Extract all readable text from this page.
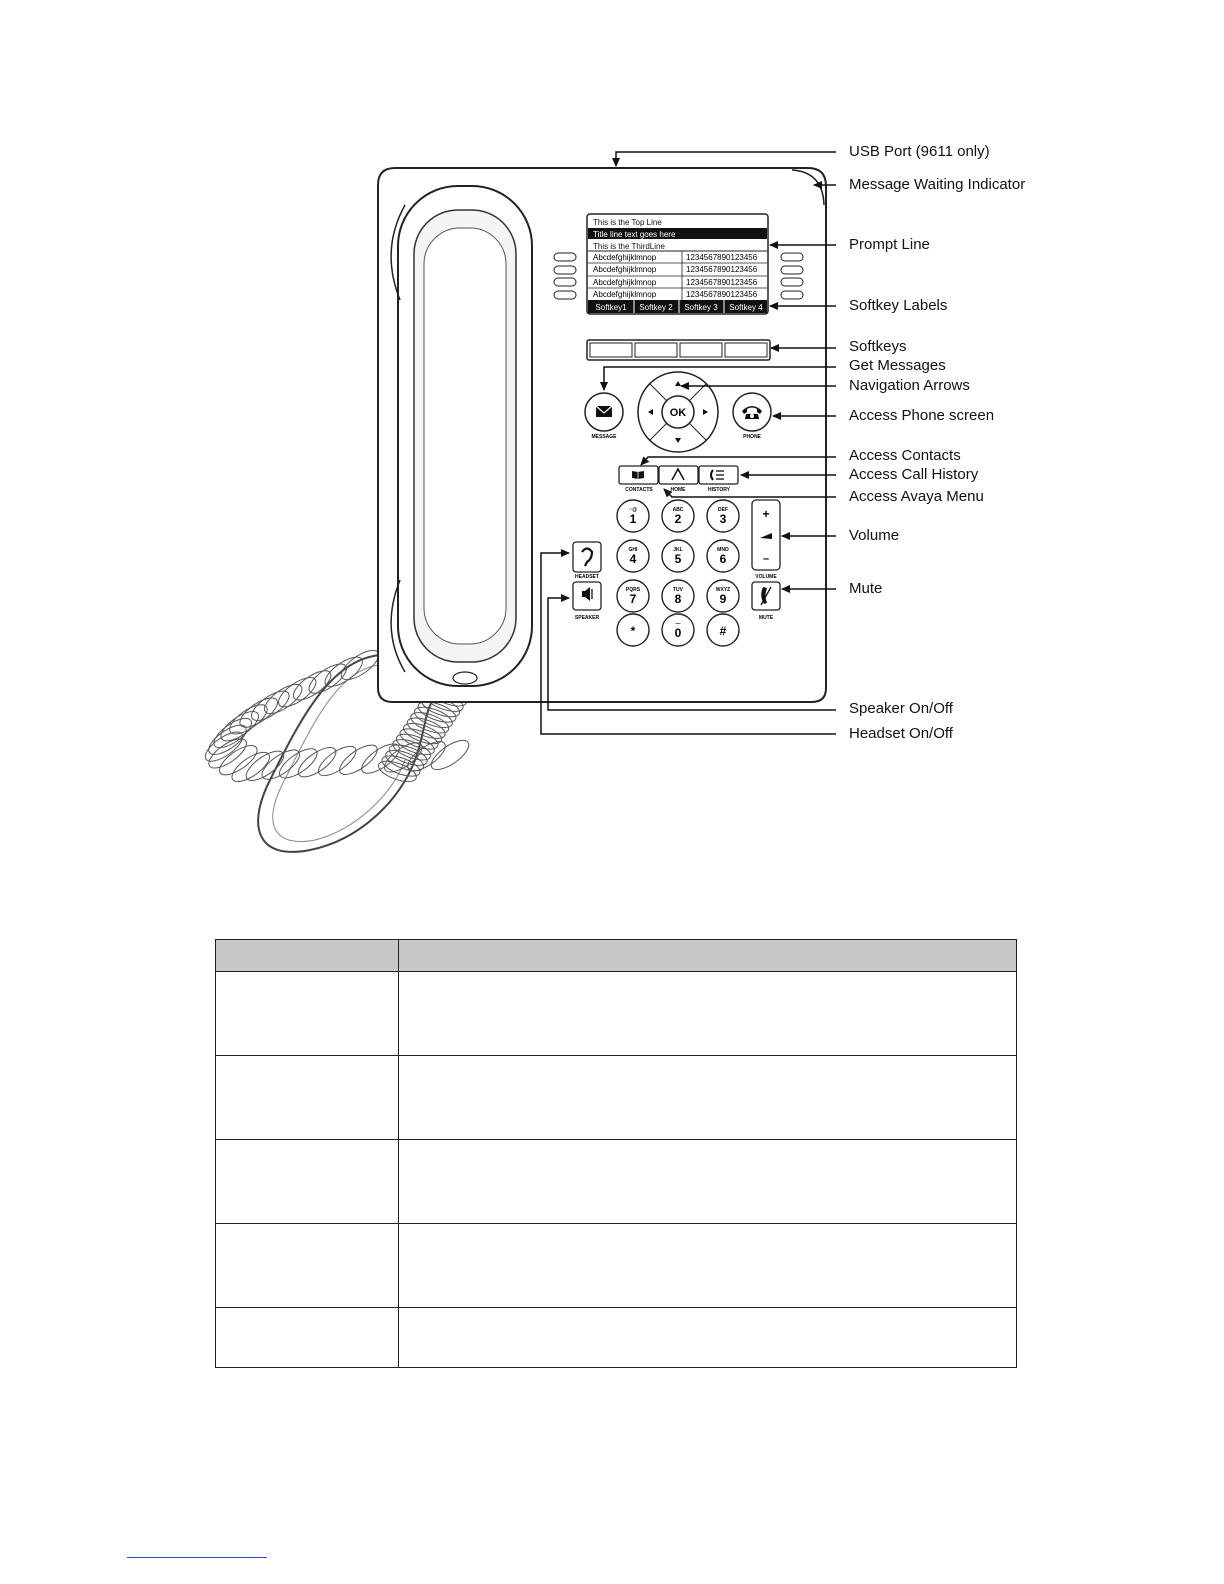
This is the Top Line
Title line text goes here
This is the ThirdLine
Abcdefghijklmnop	1234567890123456
Abcdefghijklmnop	1234567890123456
Abcdefghijklmnop	1234567890123456
Abcdefghijklmnop	1234567890123456
Softkey1 Softkey 2 Softkey 3 Softkey 4
MESSAGE
OK
PHONE
CONTACTS	HOME	HISTORY
··@
1
ABC
2
DEF
3
GHI
4
JKL
5
MNO
6
PQRS
7
TUV
8
WXYZ
9
*	—
0	#
HEADSET
SPEAKER
+
–
VOLUME
MUTE
USB Port (9611 only)
Message Waiting Indicator
Prompt Line
Softkey Labels
Softkeys
Get Messages
Navigation Arrows
Access Phone screen
Access Contacts
Access Call History
Access Avaya Menu
Volume
Mute
Speaker On/Off
Headset On/Off
